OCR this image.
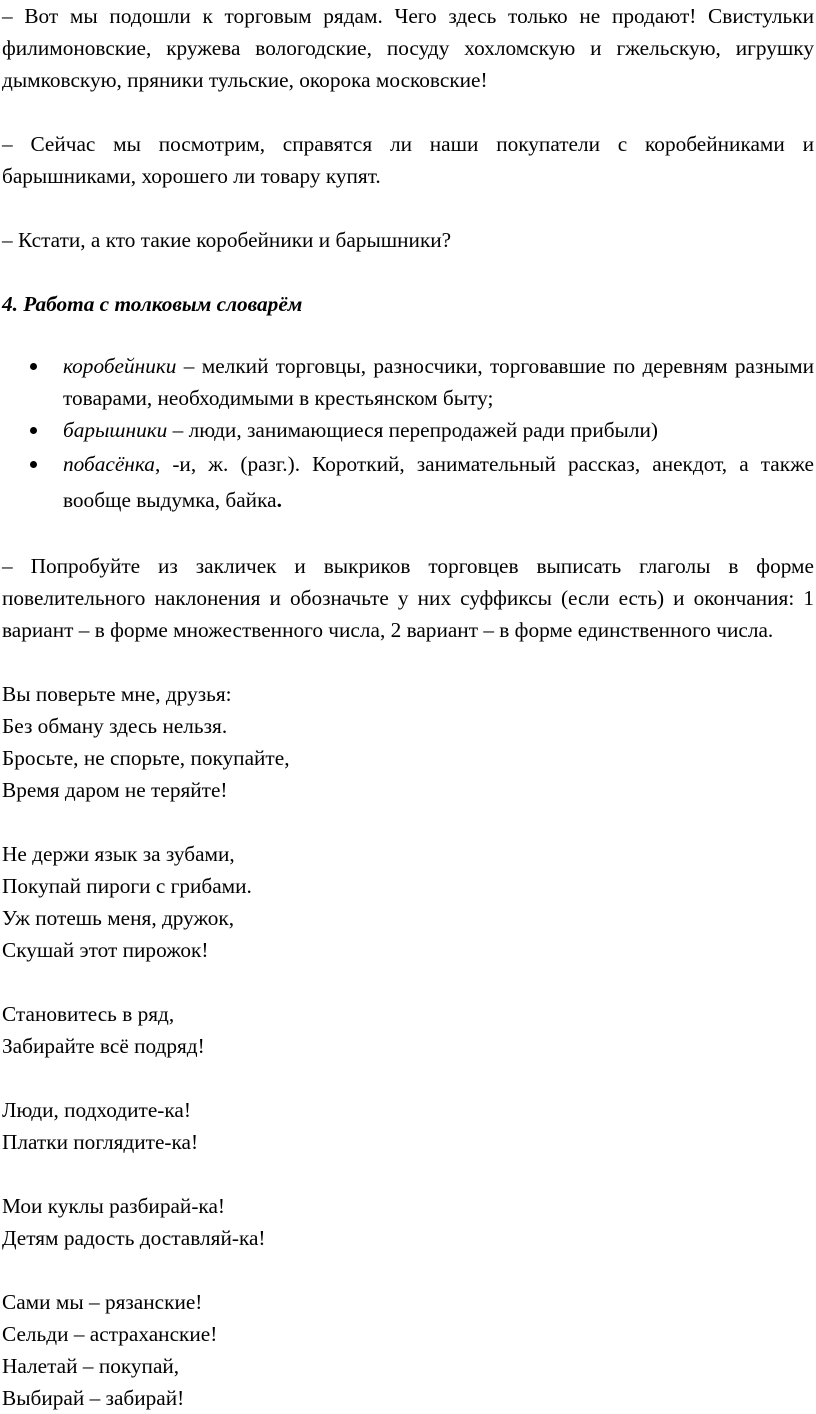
– Вот мы подошли к торговым рядам. Чего здесь только не продают! Свистульки филимоновские, кружева вологодские, посуду хохломскую и гжельскую, игрушку дымковскую, пряники тульские, окорока московские!

– Сейчас мы посмотрим, справятся ли наши покупатели с коробейниками и барышниками, хорошего ли товару купят.

– Кстати, а кто такие коробейники и барышники?

4. Работа с толковым словарём

коробейники – мелкий торговцы, разносчики, торговавшие по деревням разными товарами, необходимыми в крестьянском быту;
барышники – люди, занимающиеся перепродажей ради прибыли)
побасёнка, -и, ж. (разг.). Короткий, занимательный рассказ, анекдот, а также вообще выдумка, байка.

– Попробуйте из закличек и выкриков торговцев выписать глаголы в форме повелительного наклонения и обозначьте у них суффиксы (если есть) и окончания: 1 вариант – в форме множественного числа, 2 вариант – в форме единственного числа.

Вы поверьте мне, друзья:

Без обману здесь нельзя.

Бросьте, не спорьте, покупайте,

Время даром не теряйте!

Не держи язык за зубами,

Покупай пироги с грибами.

Уж потешь меня, дружок,

Скушай этот пирожок!

Становитесь в ряд,

Забирайте всё подряд!

Люди, подходите-ка!

Платки поглядите-ка!

Мои куклы разбирай-ка!

Детям радость доставляй-ка!

Сами мы – рязанские!

Сельди – астраханские!

Налетай – покупай,

Выбирай – забирай!
